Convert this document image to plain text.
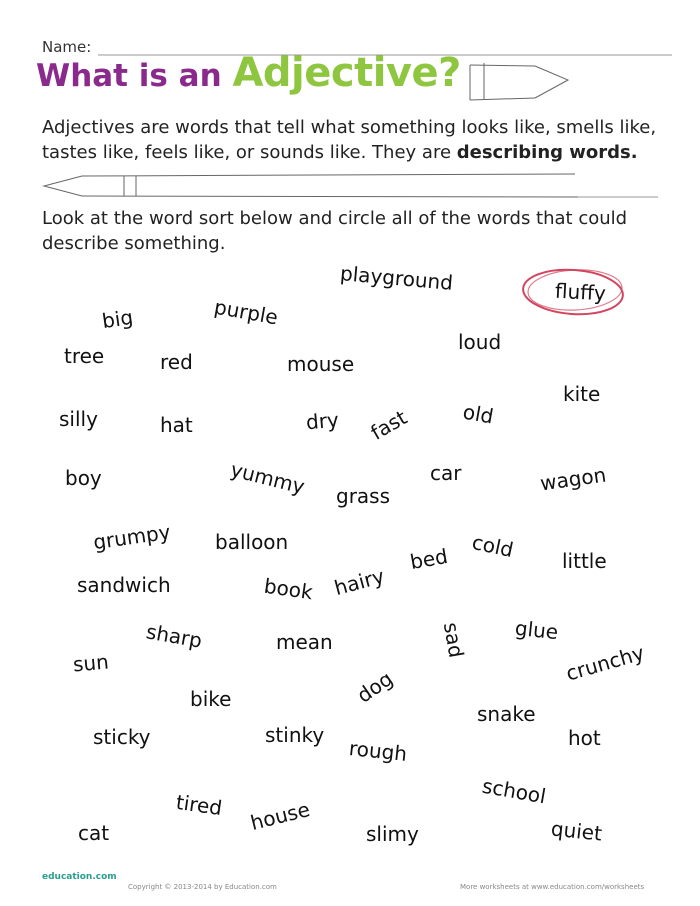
Name:
What is an Adjective?
Adjectives are words that tell what something looks like, smells like, tastes like, feels like, or sounds like. They are describing words.
Look at the word sort below and circle all of the words that could describe something.
playground	fluffy
big	purple
tree	red	mouse
loud
kite
silly	hat	dry fast	old
boy	yummy grass
car	wagon
grumpy balloon	cold
bed	little
sandwich	book hairy
sharp	mean	sad glue
sun	crunchy
bike	dog
snake
sticky	stinky
rough	hot
school
tired house
cat	slimy	quiet
education.com
Copyright © 2013-2014 by Education.com	More worksheets at www.education.com/worksheets
